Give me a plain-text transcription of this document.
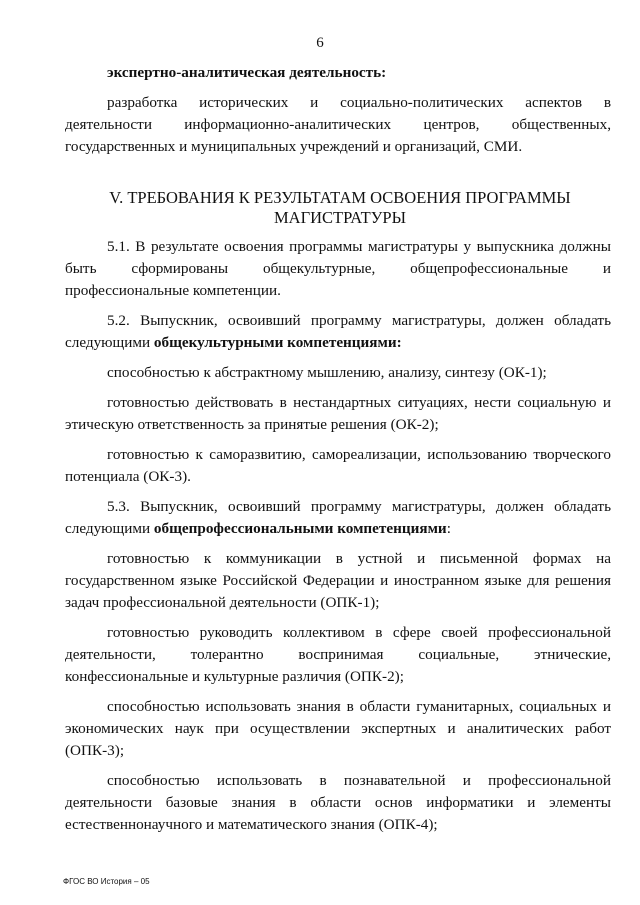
6

экспертно-аналитическая деятельность:

разработка исторических и социально-политических аспектов в деятельности информационно-аналитических центров, общественных, государственных и муниципальных учреждений и организаций, СМИ.

V. ТРЕБОВАНИЯ К РЕЗУЛЬТАТАМ ОСВОЕНИЯ ПРОГРАММЫ МАГИСТРАТУРЫ

5.1. В результате освоения программы магистратуры у выпускника должны быть сформированы общекультурные, общепрофессиональные и профессиональные компетенции.

5.2. Выпускник, освоивший программу магистратуры, должен обладать следующими общекультурными компетенциями:

способностью к абстрактному мышлению, анализу, синтезу (ОК-1);

готовностью действовать в нестандартных ситуациях, нести социальную и этическую ответственность за принятые решения (ОК-2);

готовностью к саморазвитию, самореализации, использованию творческого потенциала (ОК-3).

5.3. Выпускник, освоивший программу магистратуры, должен обладать следующими общепрофессиональными компетенциями:

готовностью к коммуникации в устной и письменной формах на государственном языке Российской Федерации и иностранном языке для решения задач профессиональной деятельности (ОПК-1);

готовностью руководить коллективом в сфере своей профессиональной деятельности, толерантно воспринимая социальные, этнические, конфессиональные и культурные различия (ОПК-2);

способностью использовать знания в области гуманитарных, социальных и экономических наук при осуществлении экспертных и аналитических работ (ОПК-3);

способностью использовать в познавательной и профессиональной деятельности базовые знания в области основ информатики и элементы естественнонаучного и математического знания (ОПК-4);

ФГОС ВО История – 05
